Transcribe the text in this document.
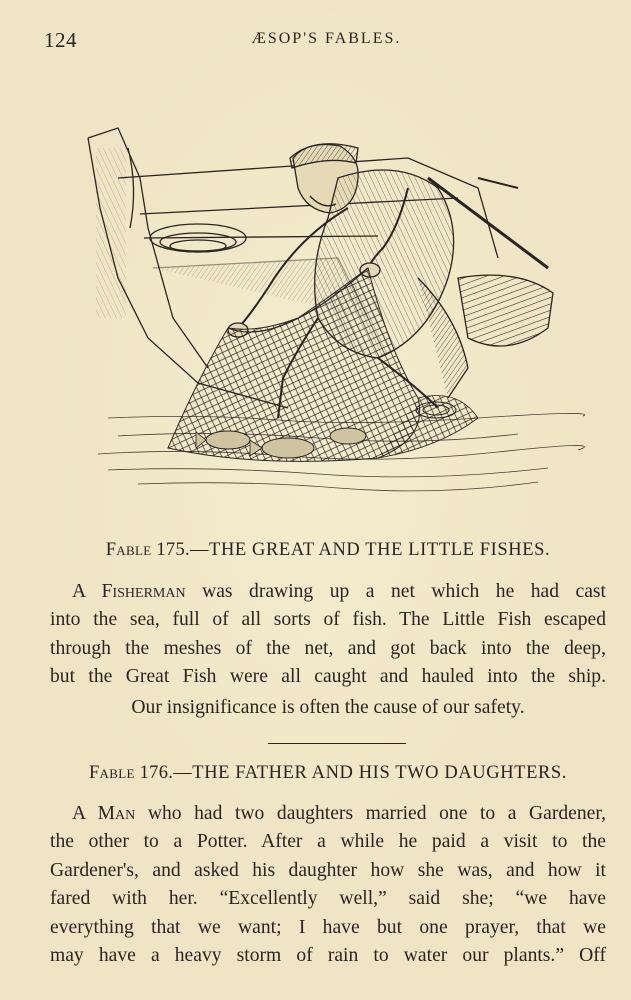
124	ÆSOP'S FABLES.
Fable 175.—THE GREAT AND THE LITTLE FISHES.

A Fisherman was drawing up a net which he had cast
into the sea, full of all sorts of fish. The Little Fish escaped
through the meshes of the net, and got back into the deep,
but the Great Fish were all caught and hauled into the ship.

Our insignificance is often the cause of our safety.
Fable 176.—THE FATHER AND HIS TWO DAUGHTERS.

A Man who had two daughters married one to a Gardener,
the other to a Potter. After a while he paid a visit to the
Gardener's, and asked his daughter how she was, and how it
fared with her. “Excellently well,” said she; “we have
everything that we want; I have but one prayer, that we
may have a heavy storm of rain to water our plants.” Off
